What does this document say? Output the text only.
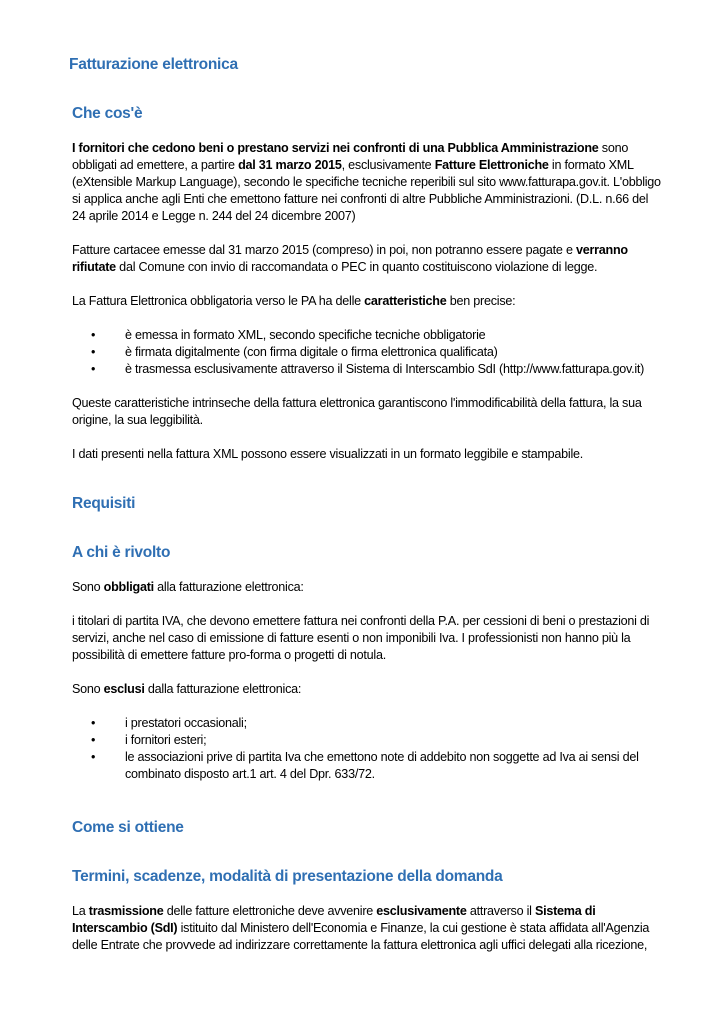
Fatturazione elettronica
Che cos'è

I fornitori che cedono beni o prestano servizi nei confronti di una Pubblica Amministrazione sono obbligati ad emettere, a partire dal 31 marzo 2015, esclusivamente Fatture Elettroniche in formato XML (eXtensible Markup Language), secondo le specifiche tecniche reperibili sul sito www.fatturapa.gov.it. L'obbligo si applica anche agli Enti che emettono fatture nei confronti di altre Pubbliche Amministrazioni. (D.L. n.66 del 24 aprile 2014 e Legge n. 244 del 24 dicembre 2007)

Fatture cartacee emesse dal 31 marzo 2015 (compreso) in poi, non potranno essere pagate e verranno rifiutate dal Comune con invio di raccomandata o PEC in quanto costituiscono violazione di legge.

La Fattura Elettronica obbligatoria verso le PA ha delle caratteristiche ben precise:

• è emessa in formato XML, secondo specifiche tecniche obbligatorie
• è firmata digitalmente (con firma digitale o firma elettronica qualificata)
• è trasmessa esclusivamente attraverso il Sistema di Interscambio SdI (http://www.fatturapa.gov.it)

Queste caratteristiche intrinseche della fattura elettronica garantiscono l'immodificabilità della fattura, la sua origine, la sua leggibilità.

I dati presenti nella fattura XML possono essere visualizzati in un formato leggibile e stampabile.

Requisiti
A chi è rivolto

Sono obbligati alla fatturazione elettronica:

i titolari di partita IVA, che devono emettere fattura nei confronti della P.A. per cessioni di beni o prestazioni di servizi, anche nel caso di emissione di fatture esenti o non imponibili Iva. I professionisti non hanno più la possibilità di emettere fatture pro-forma o progetti di notula.

Sono esclusi dalla fatturazione elettronica:

• i prestatori occasionali;
• i fornitori esteri;
• le associazioni prive di partita Iva che emettono note di addebito non soggette ad Iva ai sensi del combinato disposto art.1 art. 4 del Dpr. 633/72.
Come si ottiene
Termini, scadenze, modalità di presentazione della domanda

La trasmissione delle fatture elettroniche deve avvenire esclusivamente attraverso il Sistema di Interscambio (SdI) istituito dal Ministero dell'Economia e Finanze, la cui gestione è stata affidata all'Agenzia delle Entrate che provvede ad indirizzare correttamente la fattura elettronica agli uffici delegati alla ricezione,
